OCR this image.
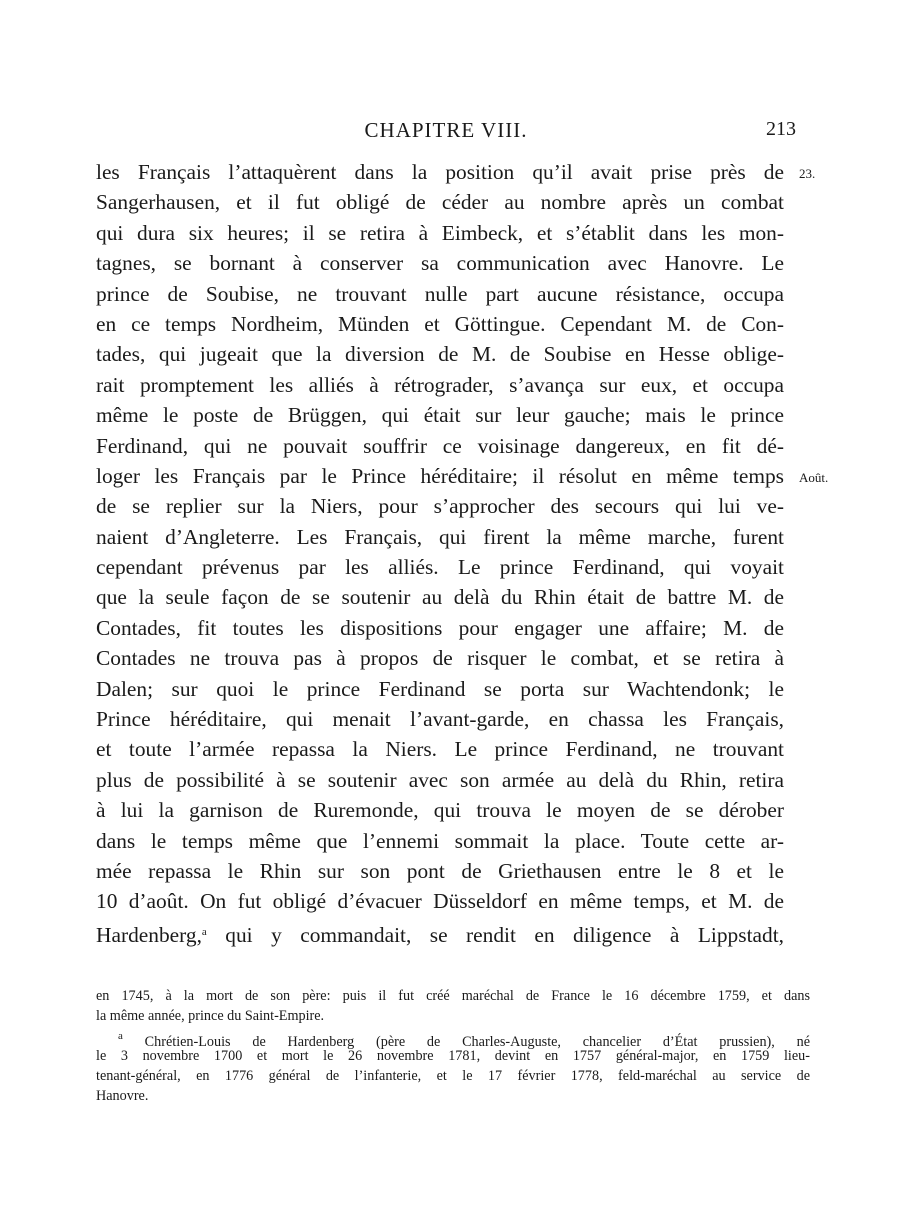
CHAPITRE VIII.	213
23.
Août.
les Français l’attaquèrent dans la position qu’il avait prise près de
Sangerhausen, et il fut obligé de céder au nombre après un combat
qui dura six heures; il se retira à Eimbeck, et s’établit dans les mon-
tagnes, se bornant à conserver sa communication avec Hanovre. Le
prince de Soubise, ne trouvant nulle part aucune résistance, occupa
en ce temps Nordheim, Münden et Göttingue. Cependant M. de Con-
tades, qui jugeait que la diversion de M. de Soubise en Hesse oblige-
rait promptement les alliés à rétrograder, s’avança sur eux, et occupa
même le poste de Brüggen, qui était sur leur gauche; mais le prince
Ferdinand, qui ne pouvait souffrir ce voisinage dangereux, en fit dé-
loger les Français par le Prince héréditaire; il résolut en même temps
de se replier sur la Niers, pour s’approcher des secours qui lui ve-
naient d’Angleterre. Les Français, qui firent la même marche, furent
cependant prévenus par les alliés. Le prince Ferdinand, qui voyait
que la seule façon de se soutenir au delà du Rhin était de battre M. de
Contades, fit toutes les dispositions pour engager une affaire; M. de
Contades ne trouva pas à propos de risquer le combat, et se retira à
Dalen; sur quoi le prince Ferdinand se porta sur Wachtendonk; le
Prince héréditaire, qui menait l’avant-garde, en chassa les Français,
et toute l’armée repassa la Niers. Le prince Ferdinand, ne trouvant
plus de possibilité à se soutenir avec son armée au delà du Rhin, retira
à lui la garnison de Ruremonde, qui trouva le moyen de se dérober
dans le temps même que l’ennemi sommait la place. Toute cette ar-
mée repassa le Rhin sur son pont de Griethausen entre le 8 et le
10 d’août. On fut obligé d’évacuer Düsseldorf en même temps, et M. de
Hardenberg,$^a$ qui y commandait, se rendit en diligence à Lippstadt,
en 1745, à la mort de son père: puis il fut créé maréchal de France le 16 décembre 1759, et dans
la même année, prince du Saint-Empire.
$^a$ Chrétien-Louis de Hardenberg (père de Charles-Auguste, chancelier d’État prussien), né
le 3 novembre 1700 et mort le 26 novembre 1781, devint en 1757 général-major, en 1759 lieu-
tenant-général, en 1776 général de l’infanterie, et le 17 février 1778, feld-maréchal au service de
Hanovre.
